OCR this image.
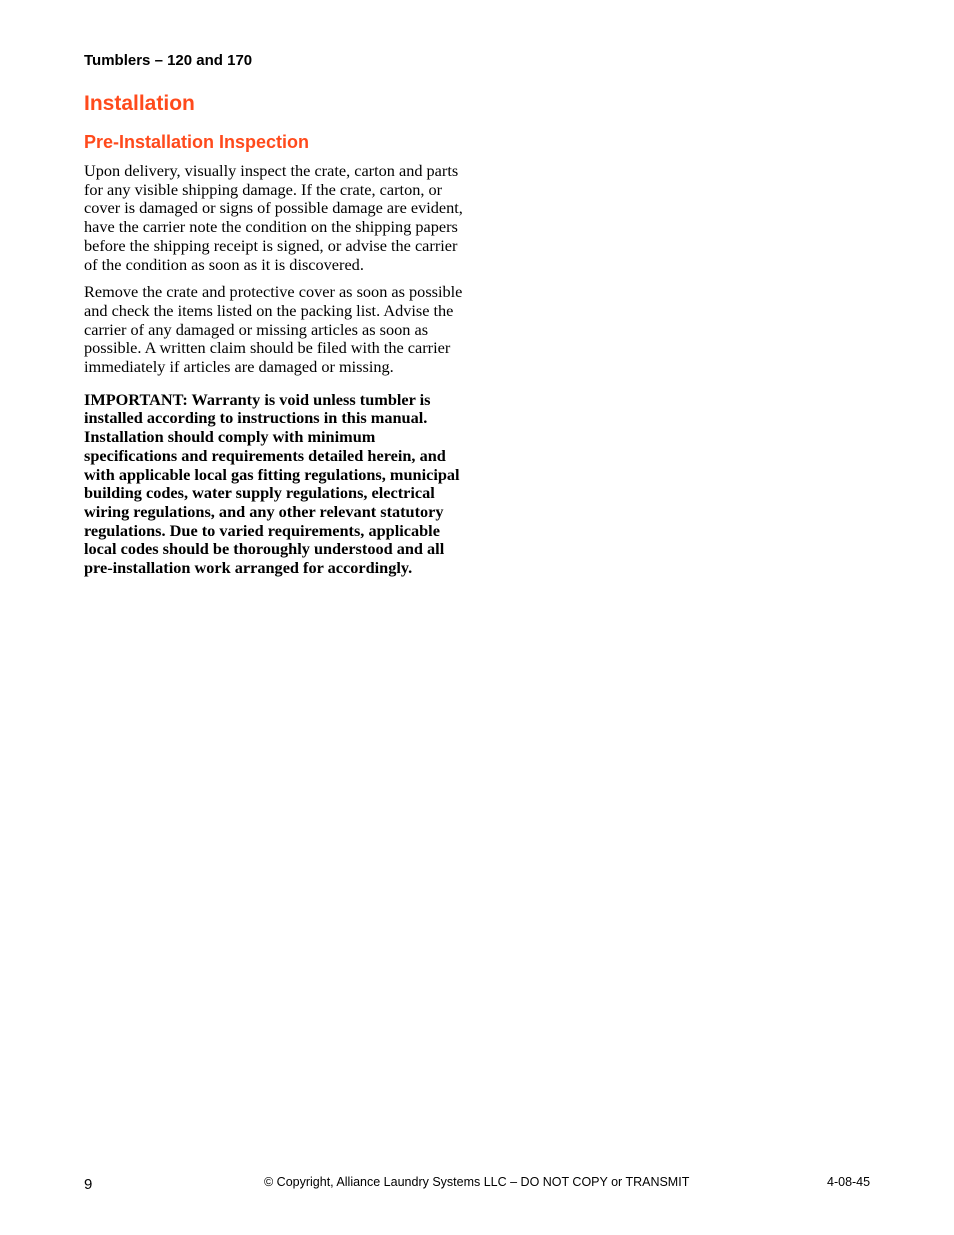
Tumblers – 120 and 170
Installation
Pre-Installation Inspection

Upon delivery, visually inspect the crate, carton and parts for any visible shipping damage. If the crate, carton, or cover is damaged or signs of possible damage are evident, have the carrier note the condition on the shipping papers before the shipping receipt is signed, or advise the carrier of the condition as soon as it is discovered.

Remove the crate and protective cover as soon as possible and check the items listed on the packing list. Advise the carrier of any damaged or missing articles as soon as possible. A written claim should be filed with the carrier immediately if articles are damaged or missing.

IMPORTANT: Warranty is void unless tumbler is installed according to instructions in this manual. Installation should comply with minimum specifications and requirements detailed herein, and with applicable local gas fitting regulations, municipal building codes, water supply regulations, electrical wiring regulations, and any other relevant statutory regulations. Due to varied requirements, applicable local codes should be thoroughly understood and all pre-installation work arranged for accordingly.

9	© Copyright, Alliance Laundry Systems LLC – DO NOT COPY or TRANSMIT	4-08-45
